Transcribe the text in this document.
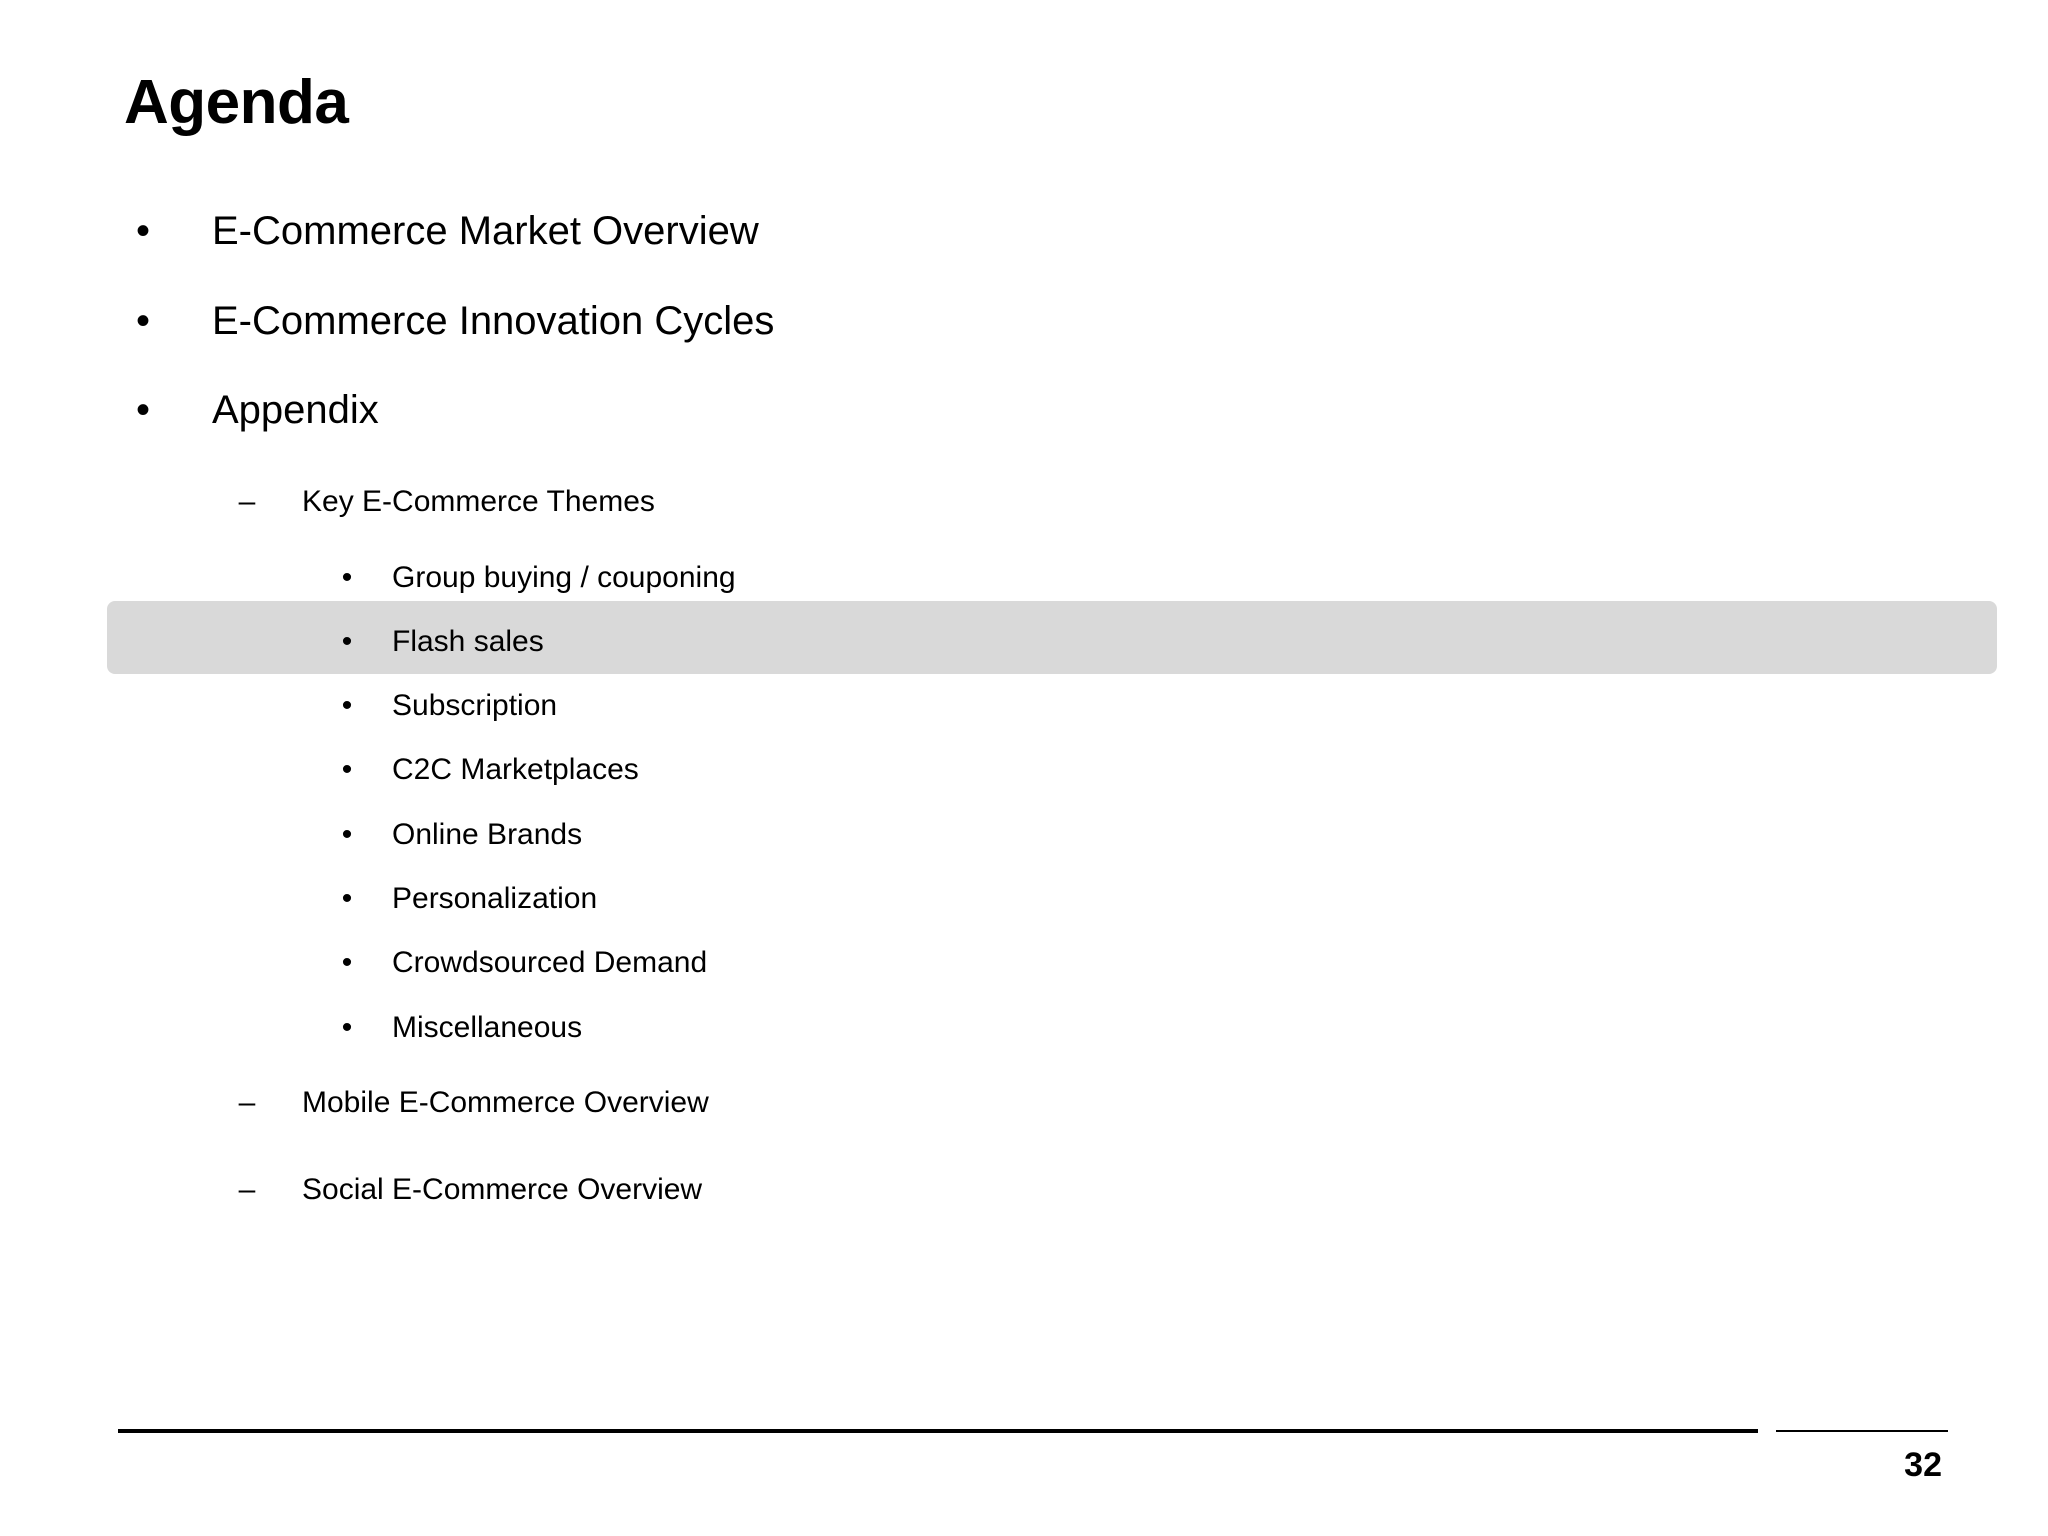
Agenda
• E-Commerce Market Overview
• E-Commerce Innovation Cycles
• Appendix
– Key E-Commerce Themes
• Group buying / couponing
• Flash sales
• Subscription
• C2C Marketplaces
• Online Brands
• Personalization
• Crowdsourced Demand
• Miscellaneous
– Mobile E-Commerce Overview
– Social E-Commerce Overview
32
